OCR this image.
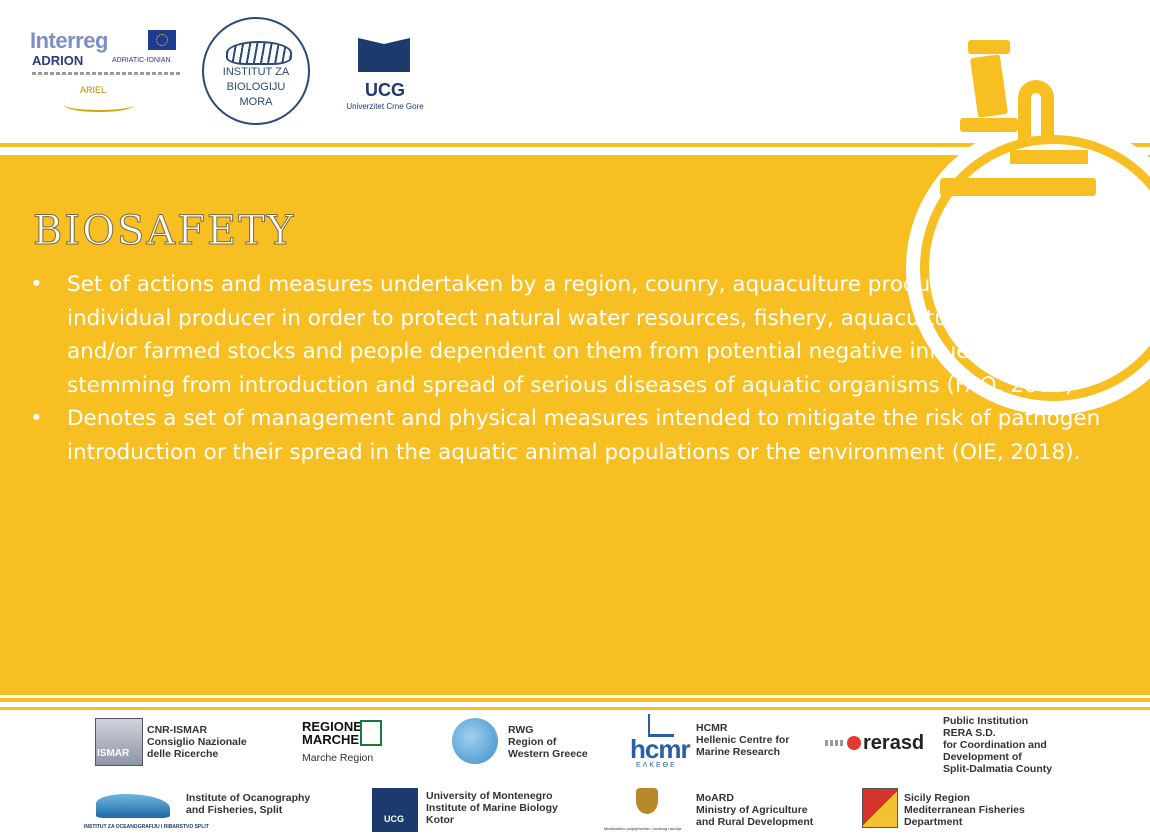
Interreg
ADRION	ADRIATIC-IONIAN
ARIEL
INSTITUT ZA
BIOLOGIJU
MORA
UCG
Univerzitet Crne Gore
BIOSAFETY
• Set of actions and measures undertaken by a region, counry, aquaculture producers’ union or an individual producer in order to protect natural water resources, fishery, aquaculture, biodiversity and/or farmed stocks and people dependent on them from potential negative influences stemming from introduction and spread of serious diseases of aquatic organisms (FAO, 2009)
• Denotes a set of management and physical measures intended to mitigate the risk of pathogen introduction or their spread in the aquatic animal populations or the environment (OIE, 2018).
ISMAR
CNR-ISMAR
Consiglio Nazionale
delle Ricerche
REGIONE
MARCHE
Marche Region
RWG
Region of
Western Greece hcmr
ΕΛΚΕΘΕ
HCMR
Hellenic Centre for
Marine Research	rerasd
Public Institution
RERA S.D.
for Coordination and
Development of
Split-Dalmatia County
INSTITUT ZA OCEANOGRAFIJU I RIBARSTVO SPLIT
Institute of Ocanography
and Fisheries, Split
UCG
University of Montenegro
Institute of Marine Biology
Kotor
Ministarstvo poljoprivrede i ruralnog razvoja
MoARD
Ministry of Agriculture
and Rural Development
Sicily Region
Mediterranean Fisheries
Department
